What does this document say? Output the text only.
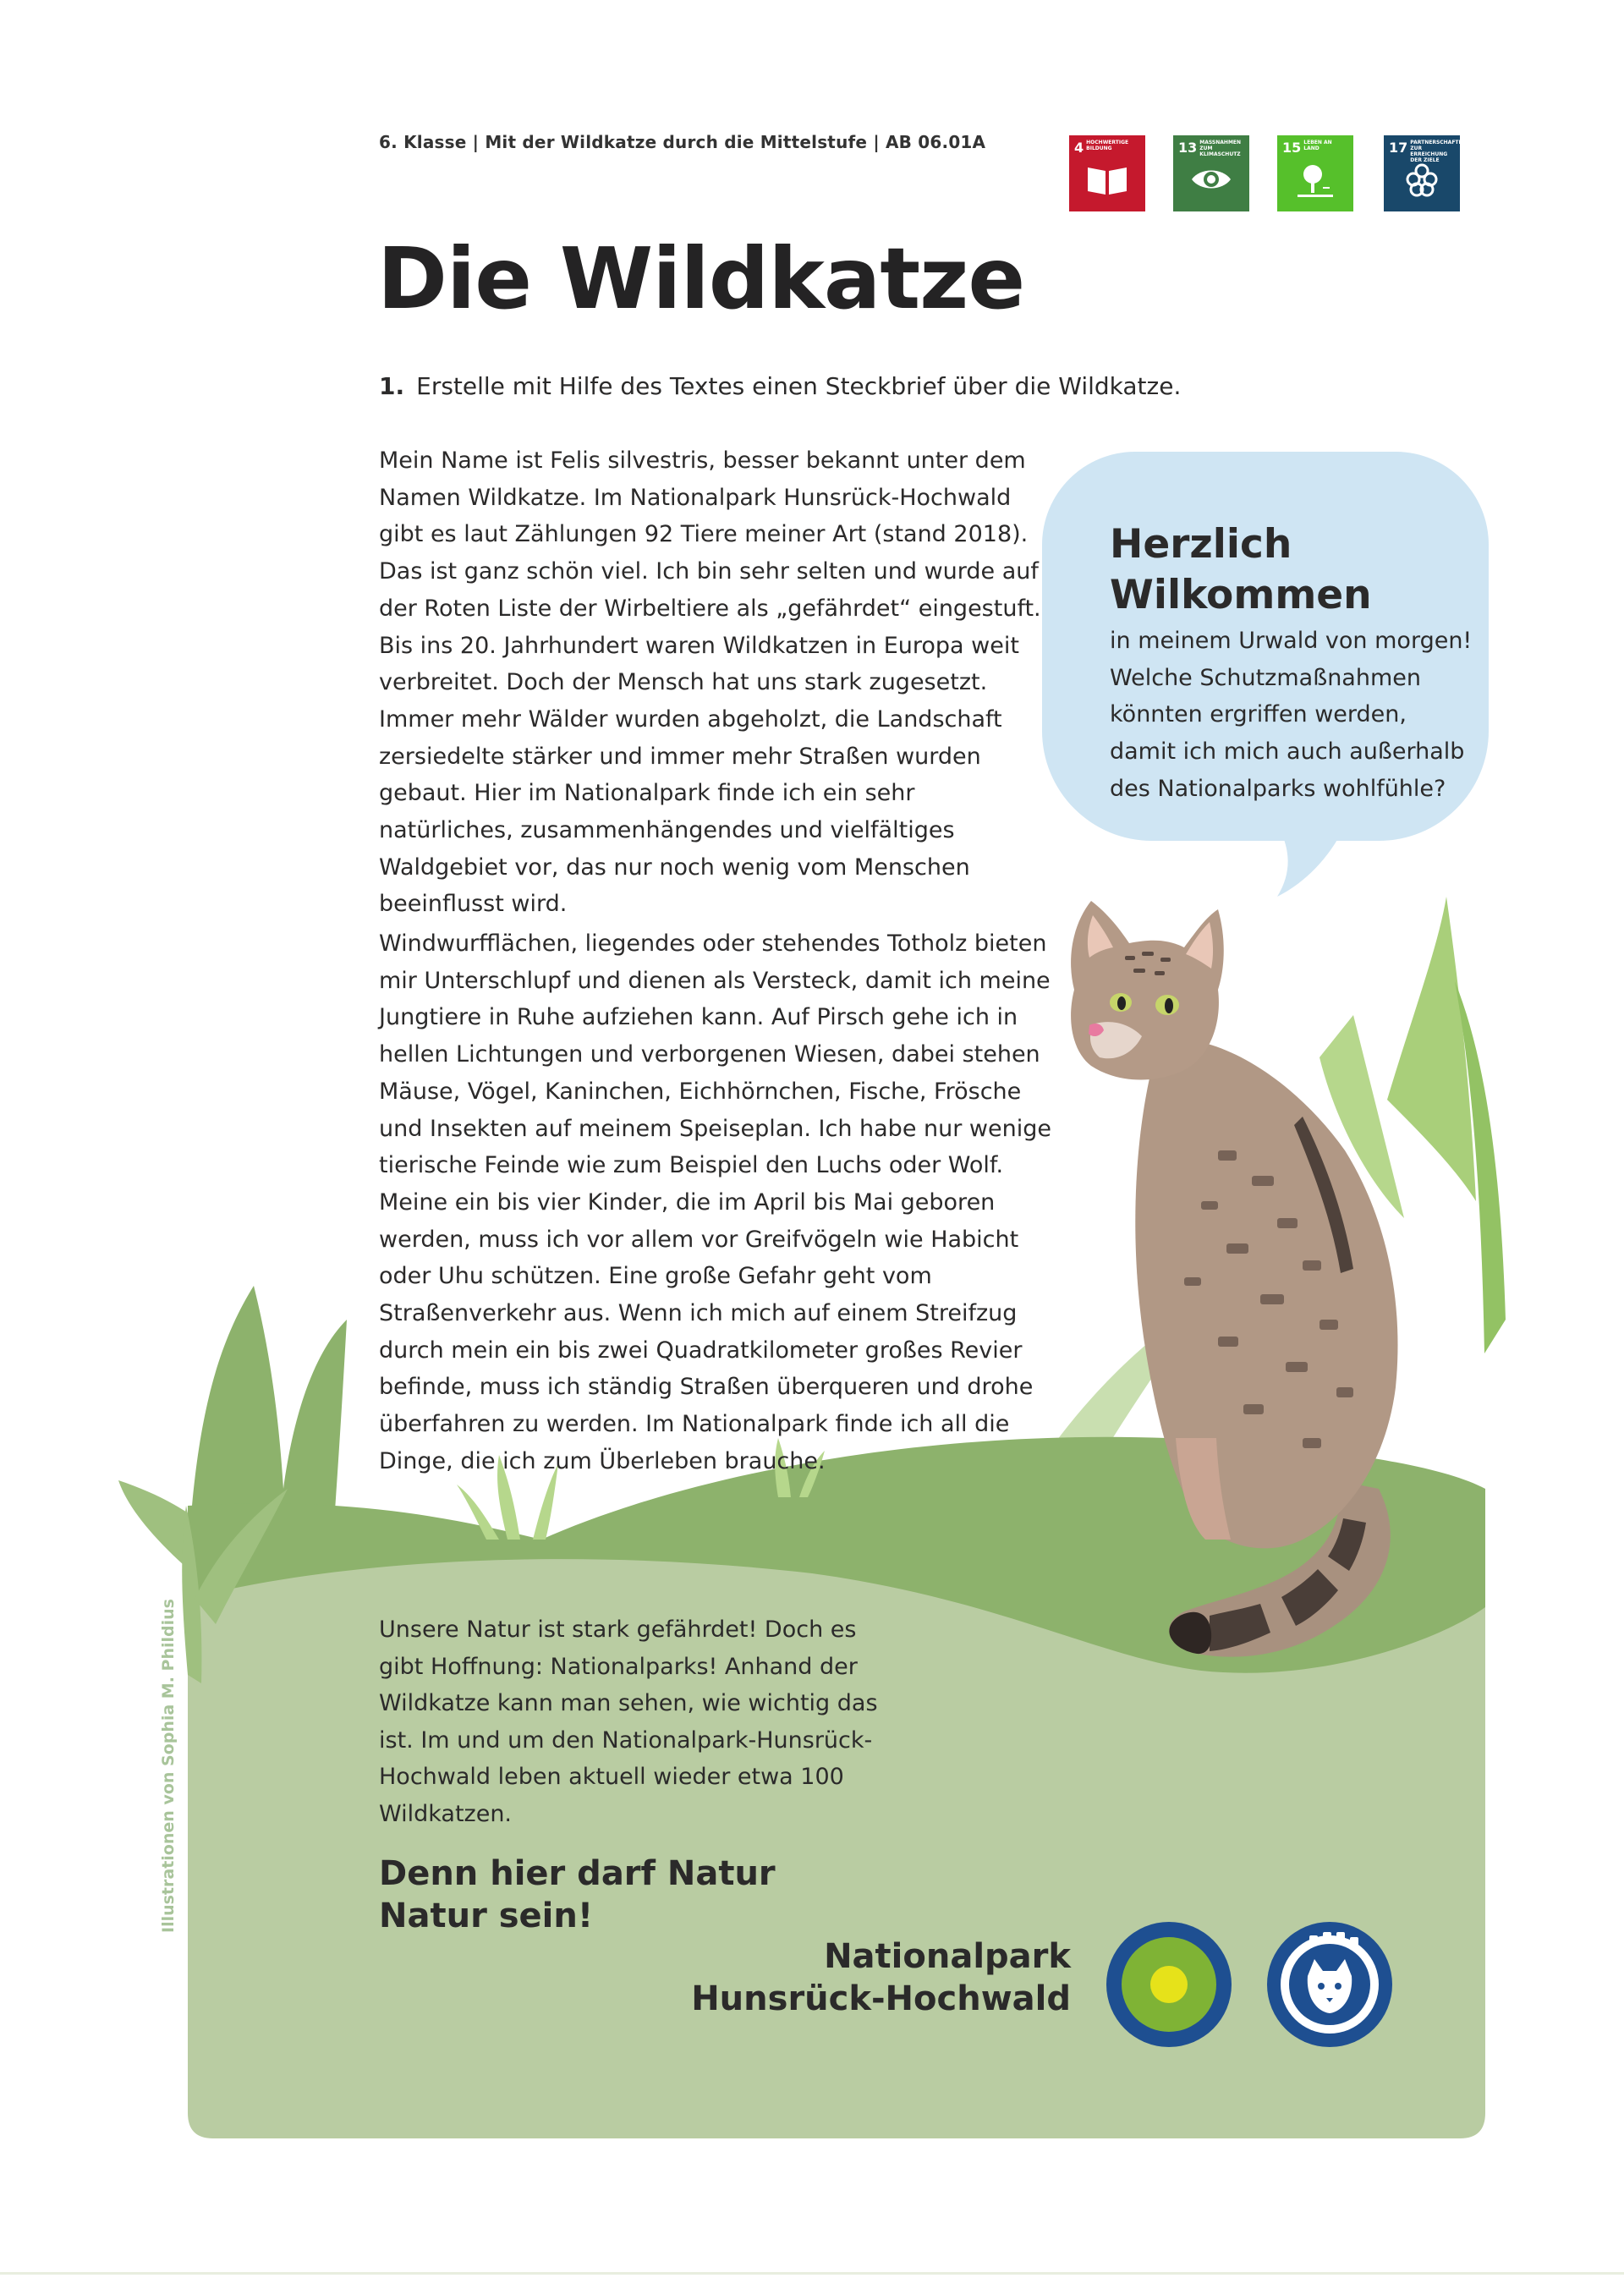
Herzlich
Wilkommen
in meinem Urwald von morgen! Welche Schutzmaßnahmen könnten ergriffen werden, damit ich mich auch außerhalb des Nationalparks wohlfühle?
6. Klasse | Mit der Wildkatze durch die Mittelstufe | AB 06.01A	4 HOCHWERTIGE BILDUNG	13 MASSNAHMEN ZUM KLIMASCHUTZ	15 LEBEN AN LAND	17 PARTNERSCHAFTEN ZUR ERREICHUNG DER ZIELE
Die Wildkatze
1. Erstelle mit Hilfe des Textes einen Steckbrief über die Wildkatze.
Mein Name ist Felis silvestris, besser bekannt unter dem Namen Wildkatze. Im Nationalpark Hunsrück-Hochwald gibt es laut Zählungen 92 Tiere meiner Art (stand 2018). Das ist ganz schön viel. Ich bin sehr selten und wurde auf der Roten Liste der Wirbeltiere als „gefährdet“ eingestuft. Bis ins 20. Jahrhundert waren Wildkatzen in Europa weit verbreitet. Doch der Mensch hat uns stark zugesetzt. Immer mehr Wälder wurden abgeholzt, die Landschaft zersiedelte stärker und immer mehr Straßen wurden gebaut. Hier im Nationalpark finde ich ein sehr natürliches, zusammenhängendes und vielfältiges Waldgebiet vor, das nur noch wenig vom Menschen beeinflusst wird.
Windwurfflächen, liegendes oder stehendes Totholz bieten mir Unterschlupf und dienen als Versteck, damit ich meine Jungtiere in Ruhe aufziehen kann. Auf Pirsch gehe ich in hellen Lichtungen und verborgenen Wiesen, dabei stehen Mäuse, Vögel, Kaninchen, Eichhörnchen, Fische, Frösche und Insekten auf meinem Speiseplan. Ich habe nur wenige tierische Feinde wie zum Beispiel den Luchs oder Wolf. Meine ein bis vier Kinder, die im April bis Mai geboren werden, muss ich vor allem vor Greifvögeln wie Habicht oder Uhu schützen. Eine große Gefahr geht vom Straßenverkehr aus. Wenn ich mich auf einem Streifzug durch mein ein bis zwei Quadratkilometer großes Revier befinde, muss ich ständig Straßen überqueren und drohe überfahren zu werden. Im Nationalpark finde ich all die Dinge, die ich zum Überleben brauche.
Unsere Natur ist stark gefährdet! Doch es gibt Hoffnung: Nationalparks! Anhand der Wildkatze kann man sehen, wie wichtig das ist. Im und um den Nationalpark-Hunsrück-Hochwald leben aktuell wieder etwa 100 Wildkatzen.
Denn hier darf Natur
Natur sein!
Nationalpark
Hunsrück-Hochwald
Illustrationen von Sophia M. Phildius
